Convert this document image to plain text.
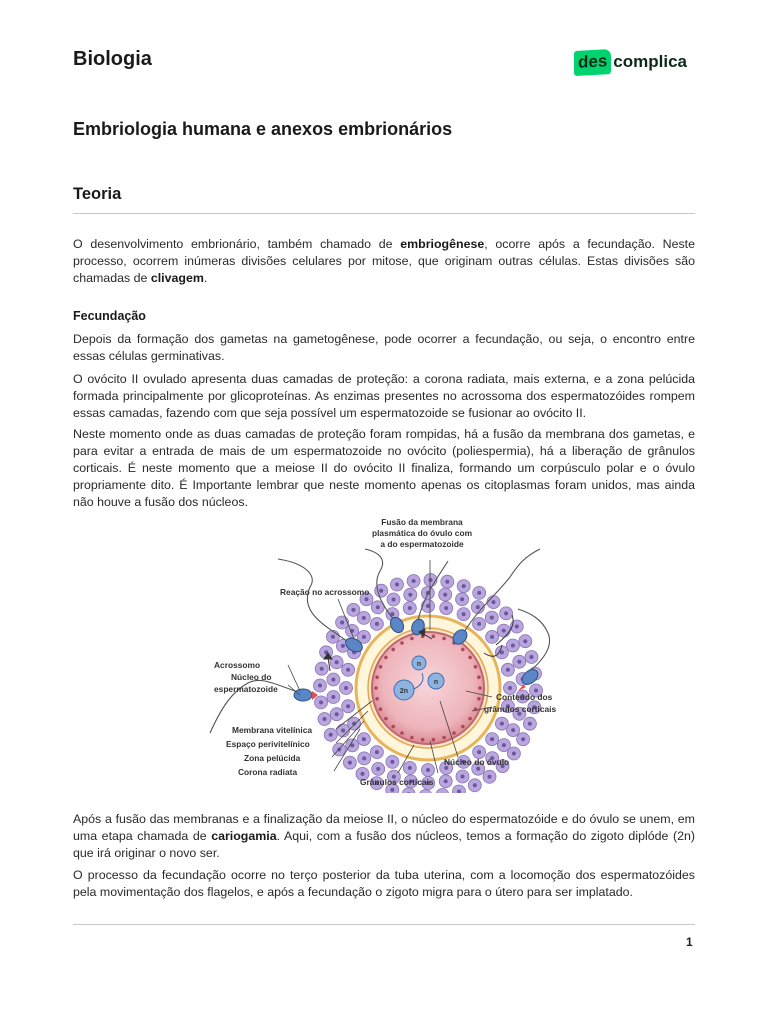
Biologia	des complica
Embriologia humana e anexos embrionários
Teoria
O desenvolvimento embrionário, também chamado de embriogênese, ocorre após a fecundação. Neste processo, ocorrem inúmeras divisões celulares por mitose, que originam outras células. Estas divisões são chamadas de clivagem.
Fecundação
Depois da formação dos gametas na gametogênese, pode ocorrer a fecundação, ou seja, o encontro entre essas células germinativas.
O ovócito II ovulado apresenta duas camadas de proteção: a corona radiata, mais externa, e a zona pelúcida formada principalmente por glicoproteínas. As enzimas presentes no acrossoma dos espermatozóides rompem essas camadas, fazendo com que seja possível um espermatozoide se fusionar ao ovócito II.
Neste momento onde as duas camadas de proteção foram rompidas, há a fusão da membrana dos gametas, e para evitar a entrada de mais de um espermatozoide no ovócito (poliespermia), há a liberação de grânulos corticais. É neste momento que a meiose II do ovócito II finaliza, formando um corpúsculo polar e o óvulo propriamente dito. É Importante lembrar que neste momento apenas os citoplasmas foram unidos, mas ainda não houve a fusão dos núcleos.
n
n
2n
Fusão da membrana
plasmática do óvulo com
a do espermatozoide
Reação no acrossomo
Acrossomo
Núcleo do
espermatozoide
Membrana vitelínica
Espaço perivitelínico
Zona pelúcida
Corona radiata
Grânulos corticais
Núcleo do óvulo
Conteúdo dos
grânulos corticais
Após a fusão das membranas e a finalização da meiose II, o núcleo do espermatozóide e do óvulo se unem, em uma etapa chamada de cariogamia. Aqui, com a fusão dos núcleos, temos a formação do zigoto diplóde (2n) que irá originar o novo ser.
O processo da fecundação ocorre no terço posterior da tuba uterina, com a locomoção dos espermatozóides pela movimentação dos flagelos, e após a fecundação o zigoto migra para o útero para ser implatado.
1
